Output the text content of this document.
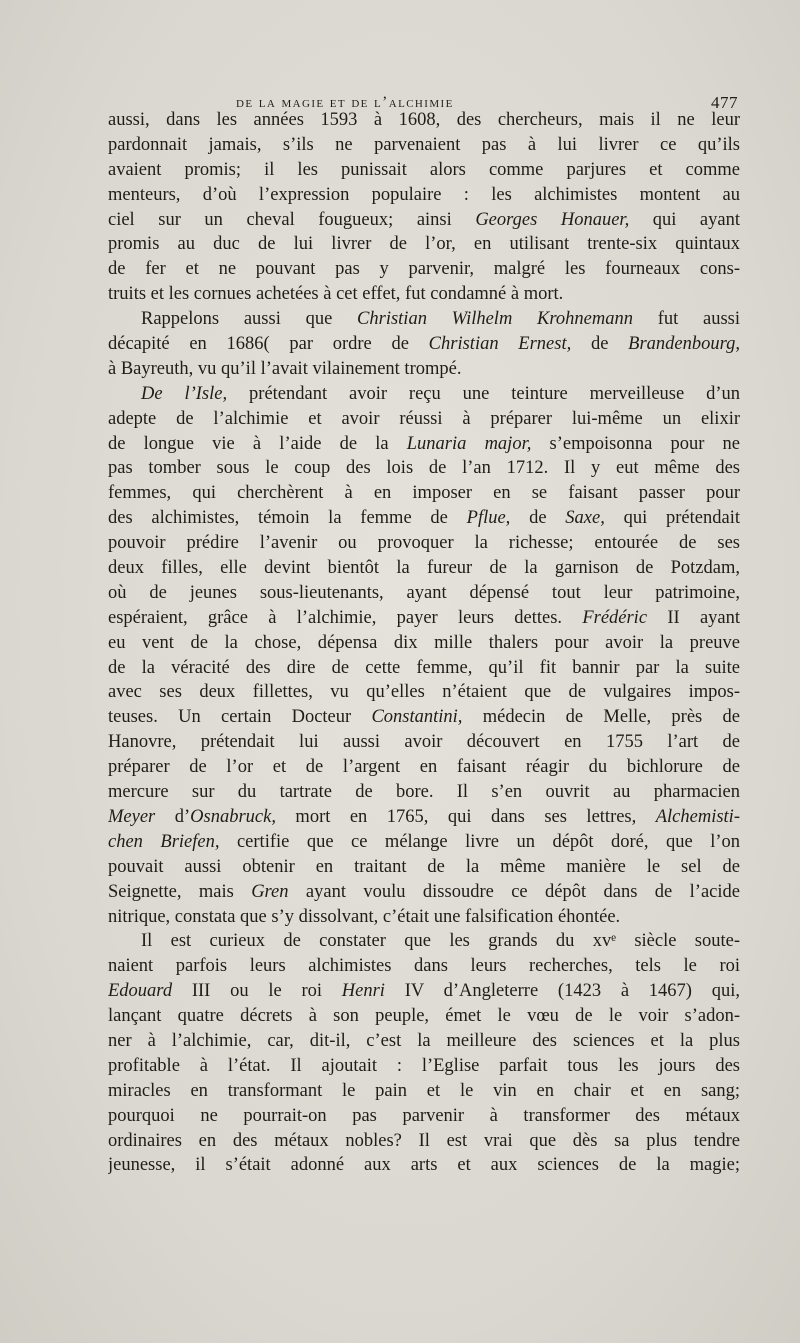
de la magie et de l’alchimie	477
aussi, dans les années 1593 à 1608, des chercheurs, mais il ne leur
pardonnait jamais, s’ils ne parvenaient pas à lui livrer ce qu’ils
avaient promis; il les punissait alors comme parjures et comme
menteurs, d’où l’expression populaire : les alchimistes montent au
ciel sur un cheval fougueux; ainsi Georges Honauer, qui ayant
promis au duc de lui livrer de l’or, en utilisant trente-six quintaux
de fer et ne pouvant pas y parvenir, malgré les fourneaux cons-
truits et les cornues achetées à cet effet, fut condamné à mort.
Rappelons aussi que Christian Wilhelm Krohnemann fut aussi
décapité en 1686( par ordre de Christian Ernest, de Brandenbourg,
à Bayreuth, vu qu’il l’avait vilainement trompé.
De l’Isle, prétendant avoir reçu une teinture merveilleuse d’un
adepte de l’alchimie et avoir réussi à préparer lui-même un elixir
de longue vie à l’aide de la Lunaria major, s’empoisonna pour ne
pas tomber sous le coup des lois de l’an 1712. Il y eut même des
femmes, qui cherchèrent à en imposer en se faisant passer pour
des alchimistes, témoin la femme de Pflue, de Saxe, qui prétendait
pouvoir prédire l’avenir ou provoquer la richesse; entourée de ses
deux filles, elle devint bientôt la fureur de la garnison de Potzdam,
où de jeunes sous-lieutenants, ayant dépensé tout leur patrimoine,
espéraient, grâce à l’alchimie, payer leurs dettes. Frédéric II ayant
eu vent de la chose, dépensa dix mille thalers pour avoir la preuve
de la véracité des dire de cette femme, qu’il fit bannir par la suite
avec ses deux fillettes, vu qu’elles n’étaient que de vulgaires impos-
teuses. Un certain Docteur Constantini, médecin de Melle, près de
Hanovre, prétendait lui aussi avoir découvert en 1755 l’art de
préparer de l’or et de l’argent en faisant réagir du bichlorure de
mercure sur du tartrate de bore. Il s’en ouvrit au pharmacien
Meyer d’Osnabruck, mort en 1765, qui dans ses lettres, Alchemisti-
chen Briefen, certifie que ce mélange livre un dépôt doré, que l’on
pouvait aussi obtenir en traitant de la même manière le sel de
Seignette, mais Gren ayant voulu dissoudre ce dépôt dans de l’acide
nitrique, constata que s’y dissolvant, c’était une falsification éhontée.
Il est curieux de constater que les grands du xvᵉ siècle soute-
naient parfois leurs alchimistes dans leurs recherches, tels le roi
Edouard III ou le roi Henri IV d’Angleterre (1423 à 1467) qui,
lançant quatre décrets à son peuple, émet le vœu de le voir s’adon-
ner à l’alchimie, car, dit-il, c’est la meilleure des sciences et la plus
profitable à l’état. Il ajoutait : l’Eglise parfait tous les jours des
miracles en transformant le pain et le vin en chair et en sang;
pourquoi ne pourrait-on pas parvenir à transformer des métaux
ordinaires en des métaux nobles? Il est vrai que dès sa plus tendre
jeunesse, il s’était adonné aux arts et aux sciences de la magie;
